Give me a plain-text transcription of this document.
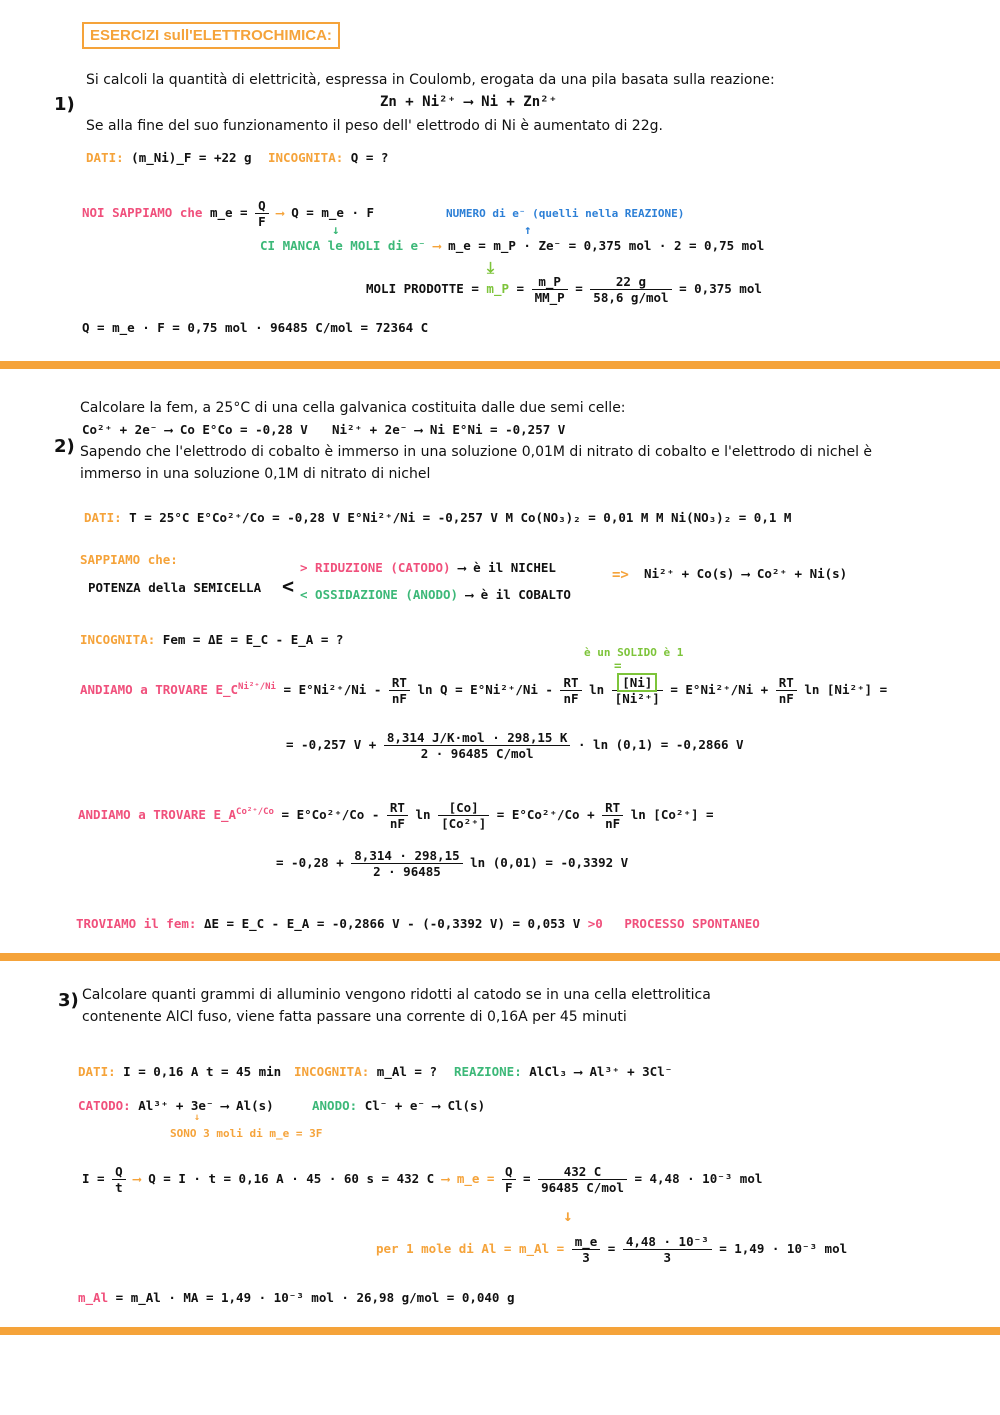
ESERCIZI sull'ELETTROCHIMICA:
1)
Si calcoli la quantità di elettricità, espressa in Coulomb, erogata da una pila basata sulla reazione:
Zn + Ni²⁺ ⟶ Ni + Zn²⁺
Se alla fine del suo funzionamento il peso dell' elettrodo di Ni è aumentato di 22g.
DATI: (m_Ni)_F = +22 g INCOGNITA: Q = ?
NOI SAPPIAMO che m_e = $\frac{Q}{F}$ ⟶ Q = m_e · F	NUMERO di e⁻ (quelli nella REAZIONE)
↑
↓
CI MANCA le MOLI di e⁻ ⟶ m_e = m_P · Ze⁻ = 0,375 mol · 2 = 0,75 mol
⤓
MOLI PRODOTTE = m_P = $\frac{m\_P}{MM\_P} = \frac{22 g}{\text{58,6 g/mol}} = 0,375$ mol
Q = m_e · F = 0,75 mol · 96485 C/mol = 72364 C
2)
Calcolare la fem, a 25°C di una cella galvanica costituita dalle due semi celle:
Co²⁺ + 2e⁻ ⟶ Co E°Co = -0,28 V Ni²⁺ + 2e⁻ ⟶ Ni E°Ni = -0,257 V
Sapendo che l'elettrodo di cobalto è immerso in una soluzione 0,01M di nitrato di cobalto e l'elettrodo di nichel è
immerso in una soluzione 0,1M di nitrato di nichel
DATI: T = 25°C E°Co²⁺/Co = -0,28 V E°Ni²⁺/Ni = -0,257 V M Co(NO₃)₂ = 0,01 M M Ni(NO₃)₂ = 0,1 M
SAPPIAMO che:
POTENZA della SEMICELLA <
> RIDUZIONE (CATODO) ⟶ è il NICHEL
< OSSIDAZIONE (ANODO) ⟶ è il COBALTO
=> Ni²⁺ + Co(s) ⟶ Co²⁺ + Ni(s)
INCOGNITA: Fem = ΔE = E_C - E_A = ?
è un SOLIDO è 1
=
ANDIAMO a TROVARE $E\_C^{Ni^{2+}/Ni} = E^\circ Ni^{2+}/Ni - \frac{RT}{nF}$ $\ln Q = E^\circ Ni^{2+}/Ni - \frac{RT}{nF}$ $\ln \frac{[Ni]}{\text{[Ni²⁺]}} = E^\circ Ni^{2+}/Ni + \frac{RT}{nF}$ ln [Ni²⁺] =
= -0,257 $V + \frac{\text{8,314 J/K·mol · 298,15 K}}{\text{2 · 96485 C/mol}} \cdot \ln (0,1) = -0,2866$ V
ANDIAMO a TROVARE $E\_A^{Co^{2+}/Co} = E^\circ Co^{2+}/Co - \frac{RT}{nF}$ $\ln \frac{[Co]}{\text{[Co²⁺]}} = E^\circ Co^{2+}/Co + \frac{RT}{nF}$ ln [Co²⁺] =
= $-0,28 + \frac{8,314 \cdot 298,15}{2 \cdot 96485}$ ln (0,01) = -0,3392 V
TROVIAMO il fem: ΔE = E_C - E_A = -0,2866 V - (-0,3392 V) = 0,053 V >0 PROCESSO SPONTANEO
3) Calcolare quanti grammi di alluminio vengono ridotti al catodo se in una cella elettrolitica
contenente AlCl fuso, viene fatta passare una corrente di 0,16A per 45 minuti
DATI: I = 0,16 A t = 45 min INCOGNITA: m_Al = ? REAZIONE: AlCl₃ ⟶ Al³⁺ + 3Cl⁻
CATODO: Al³⁺ + 3e⁻ ⟶ Al(s)	ANODO: Cl⁻ + e⁻ ⟶ Cl(s)
↓
SONO 3 moli di m_e = 3F
$I = \frac{Q}{t}$ ⟶ Q = I · t = 0,16 A · 45 · 60 s = 432 C ⟶ m_e = $\frac{Q}{F} = \frac{432 C}{\text{96485 C/mol}} = 4,48 \cdot 10^{-3}$ mol
↓
per 1 mole di Al = m_Al = $\frac{m\_e}{3} = \frac{\text{4,48 · 10⁻³}}{3} = 1,49 \cdot 10^{-3}$ mol
m_Al = m_Al · MA = 1,49 · 10⁻³ mol · 26,98 g/mol = 0,040 g
